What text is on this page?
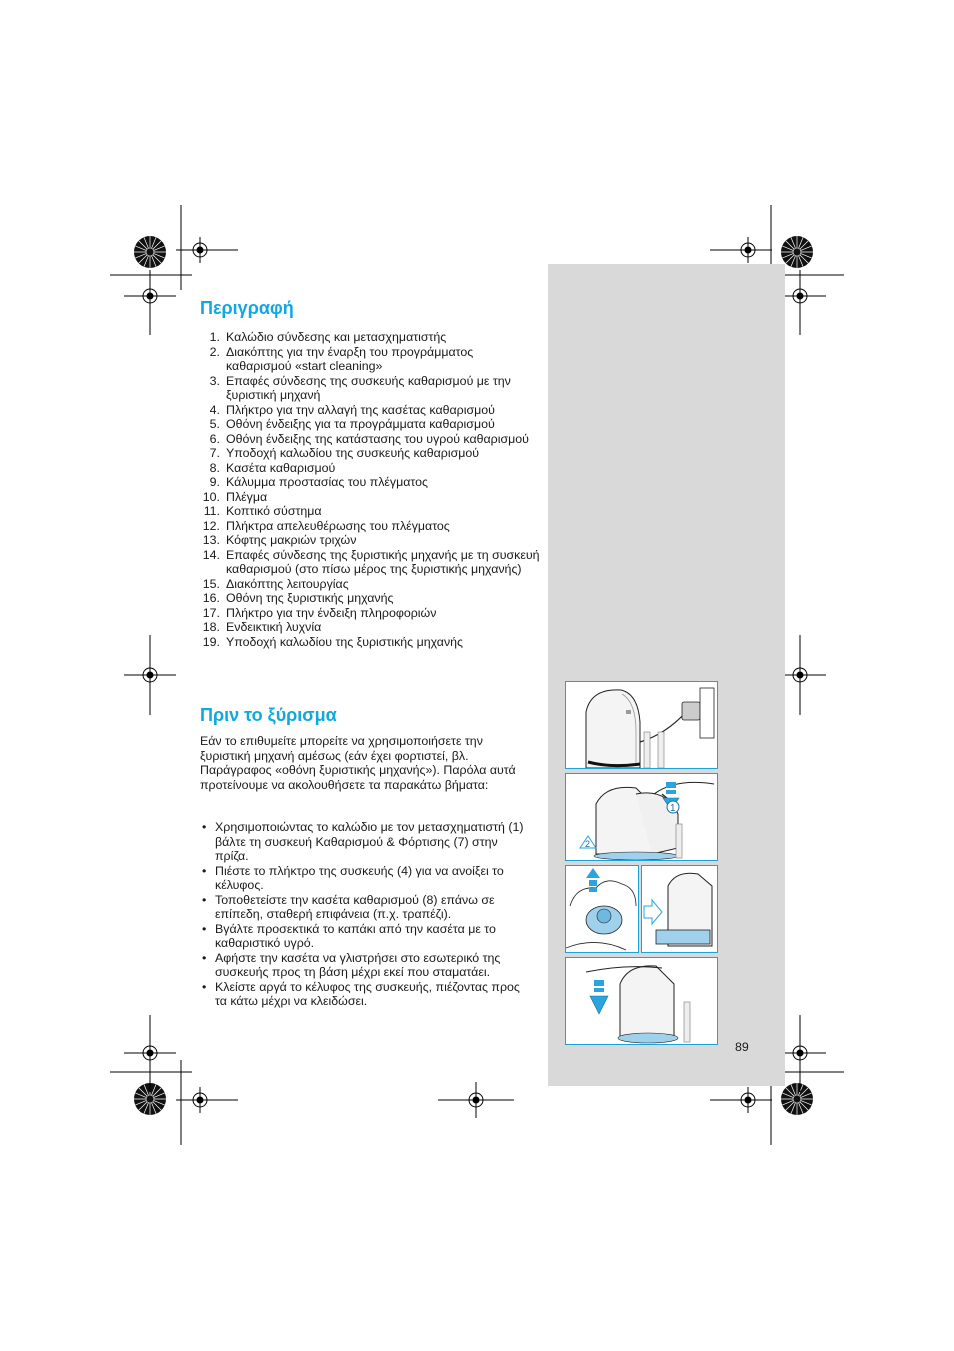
Περιγραφή
1. Καλώδιο σύνδεσης και μετασχηματιστής
2. Διακόπτης για την έναρξη του προγράμματος καθαρισμού «start cleaning»
3. Επαφές σύνδεσης της συσκευής καθαρισμού με την ξυριστική μηχανή
4. Πλήκτρο για την αλλαγή της κασέτας καθαρισμού
5. Οθόνη ένδειξης για τα προγράμματα καθαρισμού
6. Οθόνη ένδειξης της κατάστασης του υγρού καθαρισμού
7. Υποδοχή καλωδίου της συσκευής καθαρισμού
8. Κασέτα καθαρισμού
9. Κάλυμμα προστασίας του πλέγματος
10. Πλέγμα
11. Κοπτικό σύστημα
12. Πλήκτρα απελευθέρωσης του πλέγματος
13. Κόφτης μακριών τριχών
14. Επαφές σύνδεσης της ξυριστικής μηχανής με τη συσκευή καθαρισμού (στο πίσω μέρος της ξυριστικής μηχανής)
15. Διακόπτης λειτουργίας
16. Οθόνη της ξυριστικής μηχανής
17. Πλήκτρο για την ένδειξη πληροφοριών
18. Ενδεικτική λυχνία
19. Υποδοχή καλωδίου της ξυριστικής μηχανής
Πριν το ξύρισμα

Εάν το επιθυμείτε μπορείτε να χρησιμοποιήσετε την ξυριστική μηχανή αμέσως (εάν έχει φορτιστεί, βλ. Παράγραφος «οθόνη ξυριστικής μηχανής»). Παρόλα αυτά προτείνουμε να ακολουθήσετε τα παρακάτω βήματα:

• Χρησιμοποιώντας το καλώδιο με τον μετασχηματιστή (1) βάλτε τη συσκευή Καθαρισμού & Φόρτισης (7) στην πρίζα.
• Πιέστε το πλήκτρο της συσκευής (4) για να ανοίξει το κέλυφος.
• Τοποθετείστε την κασέτα καθαρισμού (8) επάνω σε επίπεδη, σταθερή επιφάνεια (π.χ. τραπέζι).
• Βγάλτε προσεκτικά το καπάκι από την κασέτα με το καθαριστικό υγρό.
• Αφήστε την κασέτα να γλιστρήσει στο εσωτερικό της συσκευής προς τη βάση μέχρι εκεί που σταματάει.
• Κλείστε αργά το κέλυφος της συσκευής, πιέζοντας προς τα κάτω μέχρι να κλειδώσει.
1
2
89
